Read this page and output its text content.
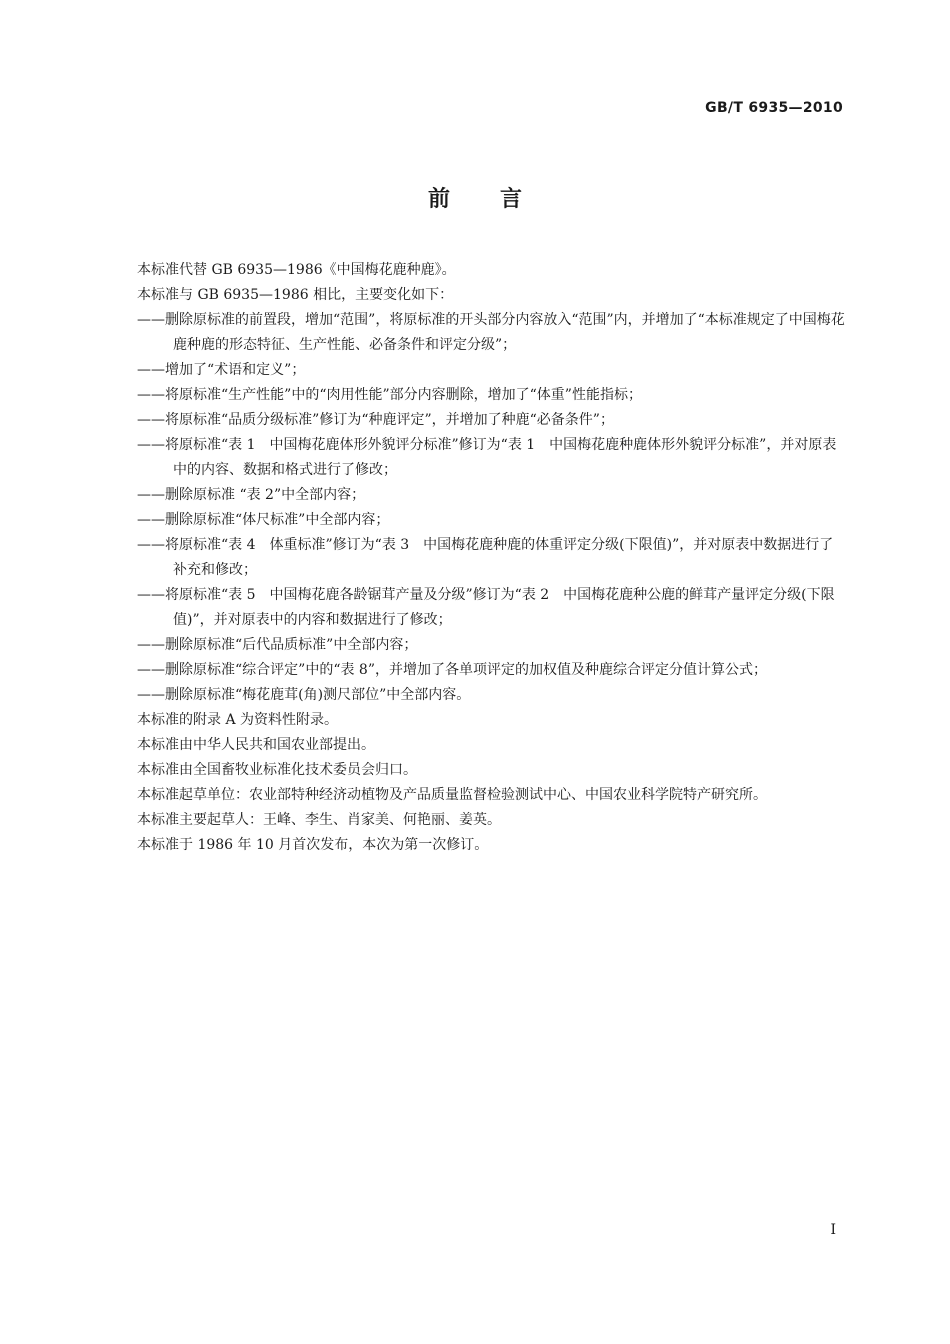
GB/T 6935—2010
前 言

本标准代替 GB 6935—1986《中国梅花鹿种鹿》。

本标准与 GB 6935—1986 相比，主要变化如下：

——删除原标准的前置段，增加“范围”，将原标准的开头部分内容放入“范围”内，并增加了“本标准规定了中国梅花鹿种鹿的形态特征、生产性能、必备条件和评定分级”；

——增加了“术语和定义”；

——将原标准“生产性能”中的“肉用性能”部分内容删除，增加了“体重”性能指标；

——将原标准“品质分级标准”修订为“种鹿评定”，并增加了种鹿“必备条件”；

——将原标准“表 1　中国梅花鹿体形外貌评分标准”修订为“表 1　中国梅花鹿种鹿体形外貌评分标准”，并对原表中的内容、数据和格式进行了修改；

——删除原标准 “表 2”中全部内容；

——删除原标准“体尺标准”中全部内容；

——将原标准“表 4　体重标准”修订为“表 3　中国梅花鹿种鹿的体重评定分级(下限值)”，并对原表中数据进行了补充和修改；

——将原标准“表 5　中国梅花鹿各龄锯茸产量及分级”修订为“表 2　中国梅花鹿种公鹿的鲜茸产量评定分级(下限值)”，并对原表中的内容和数据进行了修改；

——删除原标准“后代品质标准”中全部内容；

——删除原标准“综合评定”中的“表 8”，并增加了各单项评定的加权值及种鹿综合评定分值计算公式；

——删除原标准“梅花鹿茸(角)测尺部位”中全部内容。

本标准的附录 A 为资料性附录。

本标准由中华人民共和国农业部提出。

本标准由全国畜牧业标准化技术委员会归口。

本标准起草单位：农业部特种经济动植物及产品质量监督检验测试中心、中国农业科学院特产研究所。

本标准主要起草人：王峰、李生、肖家美、何艳丽、姜英。

本标准于 1986 年 10 月首次发布，本次为第一次修订。

I
